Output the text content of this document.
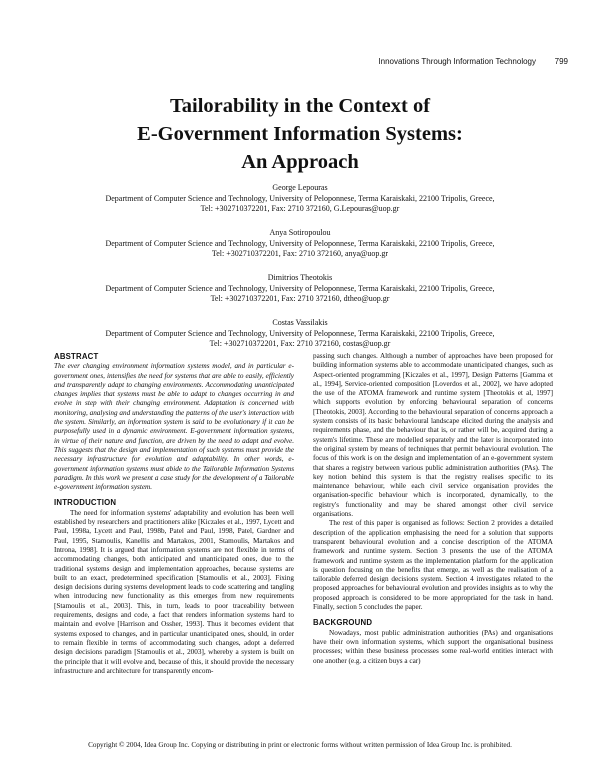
Innovations Through Information Technology 799
Tailorability in the Context of
E-Government Information Systems:
An Approach
George Lepouras
Department of Computer Science and Technology, University of Peloponnese, Terma Karaiskaki, 22100 Tripolis, Greece,
Tel: +302710372201, Fax: 2710 372160, G.Lepouras@uop.gr
Anya Sotiropoulou
Department of Computer Science and Technology, University of Peloponnese, Terma Karaiskaki, 22100 Tripolis, Greece,
Tel: +302710372201, Fax: 2710 372160, anya@uop.gr
Dimitrios Theotokis
Department of Computer Science and Technology, University of Peloponnese, Terma Karaiskaki, 22100 Tripolis, Greece,
Tel: +302710372201, Fax: 2710 372160, dtheo@uop.gr
Costas Vassilakis
Department of Computer Science and Technology, University of Peloponnese, Terma Karaiskaki, 22100 Tripolis, Greece,
Tel: +302710372201, Fax: 2710 372160, costas@uop.gr
ABSTRACT

The ever changing environment information systems model, and in particular e-government ones, intensifies the need for systems that are able to easily, efficiently and transparently adapt to changing environments. Accommodating unanticipated changes implies that systems must be able to adapt to changes occurring in and evolve in step with their changing environment. Adaptation is concerned with monitoring, analysing and understanding the patterns of the user's interaction with the system. Similarly, an information system is said to be evolutionary if it can be purposefully used in a dynamic environment. E-government information systems, in virtue of their nature and function, are driven by the need to adapt and evolve. This suggests that the design and implementation of such systems must provide the necessary infrastructure for evolution and adaptability. In other words, e-government information systems must abide to the Tailorable Information Systems paradigm. In this work we present a case study for the development of a Tailorable e-government information system.

INTRODUCTION

The need for information systems' adaptability and evolution has been well established by researchers and practitioners alike [Kiczales et al., 1997, Lycett and Paul, 1998a, Lycett and Paul, 1998b, Patel and Paul, 1998, Patel, Gardner and Paul, 1995, Stamoulis, Kanellis and Martakos, 2001, Stamoulis, Martakos and Introna, 1998]. It is argued that information systems are not flexible in terms of accommodating changes, both anticipated and unanticipated ones, due to the traditional systems design and implementation approaches, because systems are built to an exact, predetermined specification [Stamoulis et al., 2003]. Fixing design decisions during systems development leads to code scattering and tangling when introducing new functionality as this emerges from new requirements [Stamoulis et al., 2003]. This, in turn, leads to poor traceability between requirements, designs and code, a fact that renders information systems hard to maintain and evolve [Harrison and Ossher, 1993]. Thus it becomes evident that systems exposed to changes, and in particular unanticipated ones, should, in order to remain flexible in terms of accommodating such changes, adopt a deferred design decisions paradigm [Stamoulis et al., 2003], whereby a system is built on the principle that it will evolve and, because of this, it should provide the necessary infrastructure and architecture for transparently encom-

passing such changes. Although a number of approaches have been proposed for building information systems able to accommodate unanticipated changes, such as Aspect-oriented programming [Kiczales et al., 1997], Design Patterns [Gamma et al., 1994], Service-oriented composition [Loverdos et al., 2002], we have adopted the use of the ATOMA framework and runtime system [Theotokis et al, 1997] which supports evolution by enforcing behavioural separation of concerns [Theotokis, 2003]. According to the behavioural separation of concerns approach a system consists of its basic behavioural landscape elicited during the analysis and requirements phase, and the behaviour that is, or rather will be, acquired during a system's lifetime. These are modelled separately and the later is incorporated into the original system by means of techniques that permit behavioural evolution. The focus of this work is on the design and implementation of an e-government system that shares a registry between various public administration authorities (PAs). The key notion behind this system is that the registry realises specific to its maintenance behaviour, while each civil service organisation provides the organisation-specific behaviour which is incorporated, dynamically, to the registry's functionality and may be shared amongst other civil service organisations.

The rest of this paper is organised as follows: Section 2 provides a detailed description of the application emphasising the need for a solution that supports transparent behavioural evolution and a concise description of the ATOMA framework and runtime system. Section 3 presents the use of the ATOMA framework and runtime system as the implementation platform for the application is question focusing on the benefits that emerge, as well as the realisation of a tailorable deferred design decisions system. Section 4 investigates related to the proposed approaches for behavioural evolution and provides insights as to why the proposed approach is considered to be more appropriated for the task in hand. Finally, section 5 concludes the paper.

BACKGROUND

Nowadays, most public administration authorities (PAs) and organisations have their own information systems, which support the organisational business processes; within these business processes some real-world entities interact with one another (e.g. a citizen buys a car)

Copyright © 2004, Idea Group Inc. Copying or distributing in print or electronic forms without written permission of Idea Group Inc. is prohibited.
